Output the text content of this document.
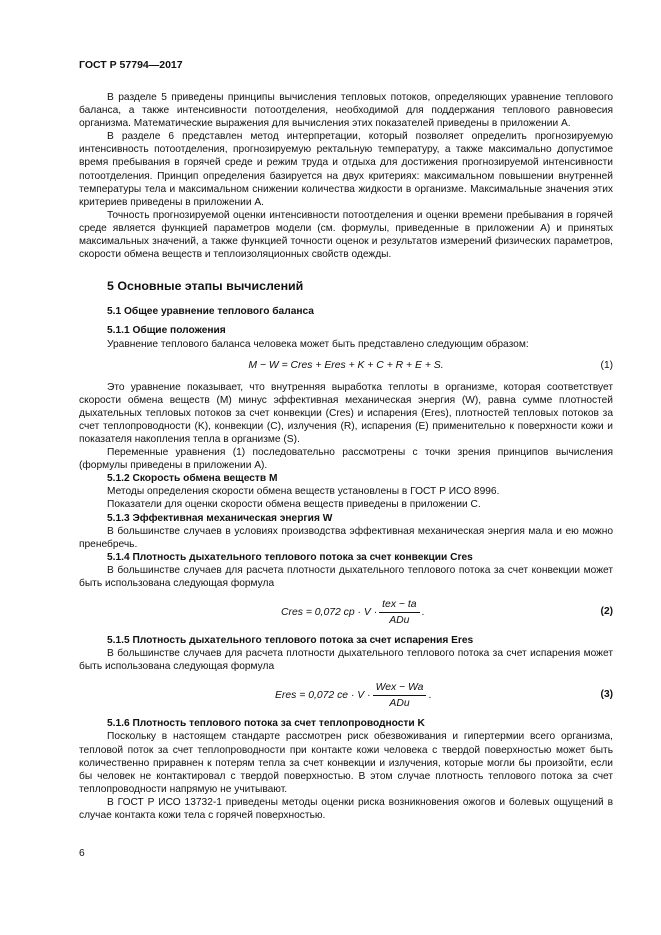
ГОСТ Р 57794—2017

В разделе 5 приведены принципы вычисления тепловых потоков, определяющих уравнение теплового баланса, а также интенсивности потоотделения, необходимой для поддержания теплового равновесия организма. Математические выражения для вычисления этих показателей приведены в приложении А.

В разделе 6 представлен метод интерпретации, который позволяет определить прогнозируемую интенсивность потоотделения, прогнозируемую ректальную температуру, а также максимально допустимое время пребывания в горячей среде и режим труда и отдыха для достижения прогнозируемой интенсивности потоотделения. Принцип определения базируется на двух критериях: максимальном повышении внутренней температуры тела и максимальном снижении количества жидкости в организме. Максимальные значения этих критериев приведены в приложении А.

Точность прогнозируемой оценки интенсивности потоотделения и оценки времени пребывания в горячей среде является функцией параметров модели (см. формулы, приведенные в приложении А) и принятых максимальных значений, а также функцией точности оценок и результатов измерений физических параметров, скорости обмена веществ и теплоизоляционных свойств одежды.

5 Основные этапы вычислений
5.1 Общее уравнение теплового баланса
5.1.1 Общие положения

Уравнение теплового баланса человека может быть представлено следующим образом:

M − W = Cres + Eres + K + C + R + E + S.	(1)

Это уравнение показывает, что внутренняя выработка теплоты в организме, которая соответствует скорости обмена веществ (M) минус эффективная механическая энергия (W), равна сумме плотностей дыхательных тепловых потоков за счет конвекции (Cres) и испарения (Eres), плотностей тепловых потоков за счет теплопроводности (K), конвекции (C), излучения (R), испарения (E) применительно к поверхности кожи и показателя накопления тепла в организме (S).

Переменные уравнения (1) последовательно рассмотрены с точки зрения принципов вычисления (формулы приведены в приложении А).

5.1.2 Скорость обмена веществ M

Методы определения скорости обмена веществ установлены в ГОСТ Р ИСО 8996.

Показатели для оценки скорости обмена веществ приведены в приложении С.

5.1.3 Эффективная механическая энергия W

В большинстве случаев в условиях производства эффективная механическая энергия мала и ею можно пренебречь.

5.1.4 Плотность дыхательного теплового потока за счет конвекции Cres

В большинстве случаев для расчета плотности дыхательного теплового потока за счет конвекции может быть использована следующая формула

Cres = 0,072 cp · $V \cdot \frac{\text{tex − ta}}{\text{ADu}}$ .	(2)
5.1.5 Плотность дыхательного теплового потока за счет испарения Eres

В большинстве случаев для расчета плотности дыхательного теплового потока за счет испарения может быть использована следующая формула

Eres = 0,072 ce · $V \cdot \frac{\text{Wex − Wa}}{\text{ADu}}$ .	(3)
5.1.6 Плотность теплового потока за счет теплопроводности K

Поскольку в настоящем стандарте рассмотрен риск обезвоживания и гипертермии всего организма, тепловой поток за счет теплопроводности при контакте кожи человека с твердой поверхностью может быть количественно приравнен к потерям тепла за счет конвекции и излучения, которые могли бы произойти, если бы человек не контактировал с твердой поверхностью. В этом случае плотность теплового потока за счет теплопроводности напрямую не учитывают.

В ГОСТ Р ИСО 13732-1 приведены методы оценки риска возникновения ожогов и болевых ощущений в случае контакта кожи тела с горячей поверхностью.

6
